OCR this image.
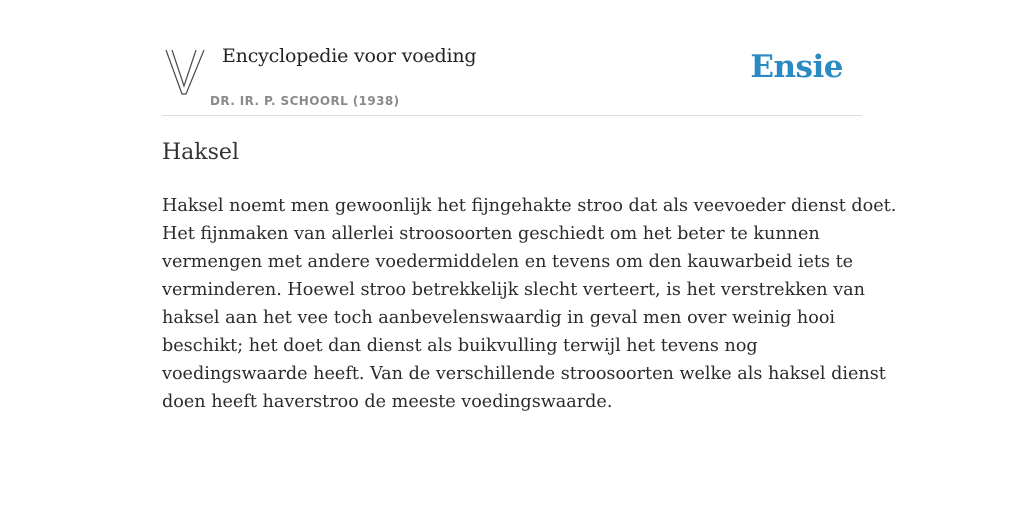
Encyclopedie voor voeding
DR. IR. P. SCHOORL (1938)
Ensie
Haksel

Haksel noemt men gewoonlijk het fijngehakte stroo dat als veevoeder dienst doet.
Het fijnmaken van allerlei stroosoorten geschiedt om het beter te kunnen
vermengen met andere voedermiddelen en tevens om den kauwarbeid iets te
verminderen. Hoewel stroo betrekkelijk slecht verteert, is het verstrekken van
haksel aan het vee toch aanbevelenswaardig in geval men over weinig hooi
beschikt; het doet dan dienst als buikvulling terwijl het tevens nog
voedingswaarde heeft. Van de verschillende stroosoorten welke als haksel dienst
doen heeft haverstroo de meeste voedingswaarde.
